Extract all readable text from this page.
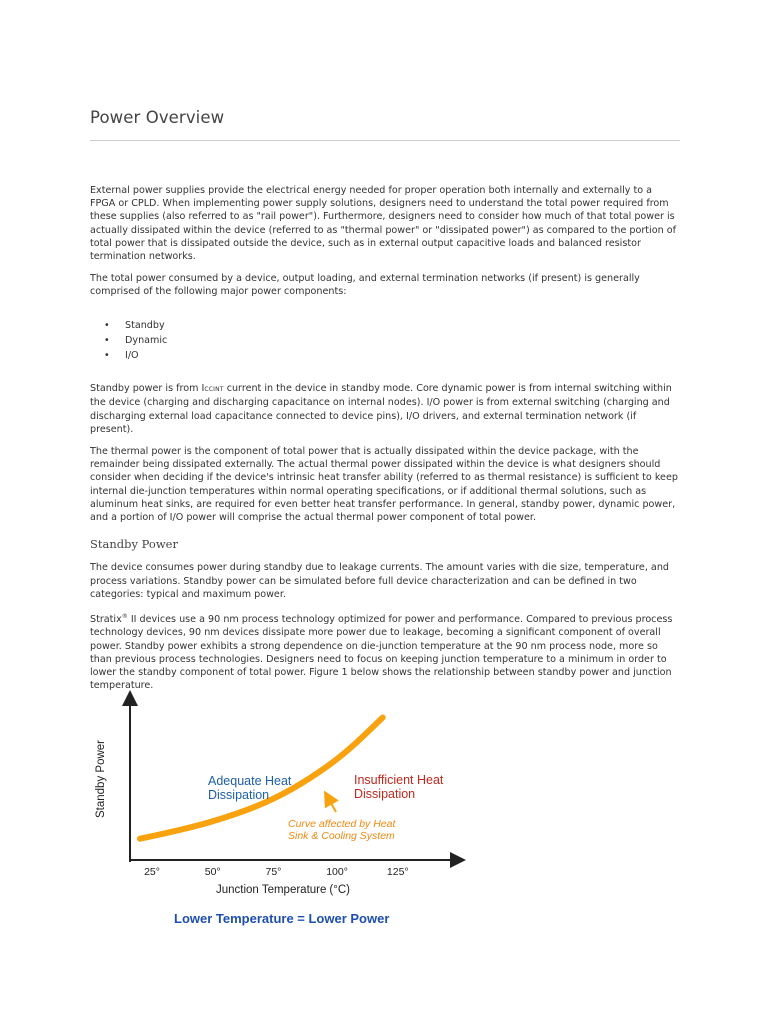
Power Overview

External power supplies provide the electrical energy needed for proper operation both internally and externally to a FPGA or CPLD. When implementing power supply solutions, designers need to understand the total power required from these supplies (also referred to as "rail power"). Furthermore, designers need to consider how much of that total power is actually dissipated within the device (referred to as "thermal power" or "dissipated power") as compared to the portion of total power that is dissipated outside the device, such as in external output capacitive loads and balanced resistor termination networks.

The total power consumed by a device, output loading, and external termination networks (if present) is generally comprised of the following major power components:

• Standby
• Dynamic
• I/O

Standby power is from ICCINT current in the device in standby mode. Core dynamic power is from internal switching within the device (charging and discharging capacitance on internal nodes). I/O power is from external switching (charging and discharging external load capacitance connected to device pins), I/O drivers, and external termination network (if present).

The thermal power is the component of total power that is actually dissipated within the device package, with the remainder being dissipated externally. The actual thermal power dissipated within the device is what designers should consider when deciding if the device's intrinsic heat transfer ability (referred to as thermal resistance) is sufficient to keep internal die-junction temperatures within normal operating specifications, or if additional thermal solutions, such as aluminum heat sinks, are required for even better heat transfer performance. In general, standby power, dynamic power, and a portion of I/O power will comprise the actual thermal power component of total power.

Standby Power

The device consumes power during standby due to leakage currents. The amount varies with die size, temperature, and process variations. Standby power can be simulated before full device characterization and can be defined in two categories: typical and maximum power.

Stratix® II devices use a 90 nm process technology optimized for power and performance. Compared to previous process technology devices, 90 nm devices dissipate more power due to leakage, becoming a significant component of overall power. Standby power exhibits a strong dependence on die-junction temperature at the 90 nm process node, more so than previous process technologies. Designers need to focus on keeping junction temperature to a minimum in order to lower the standby component of total power. Figure 1 below shows the relationship between standby power and junction temperature.

Standby Power	Adequate Heat
Dissipation
Insufficient Heat
Dissipation
Curve affected by Heat
Sink & Cooling System
25°	50°	75°	100°	125°
Junction Temperature (°C)
Lower Temperature = Lower Power
